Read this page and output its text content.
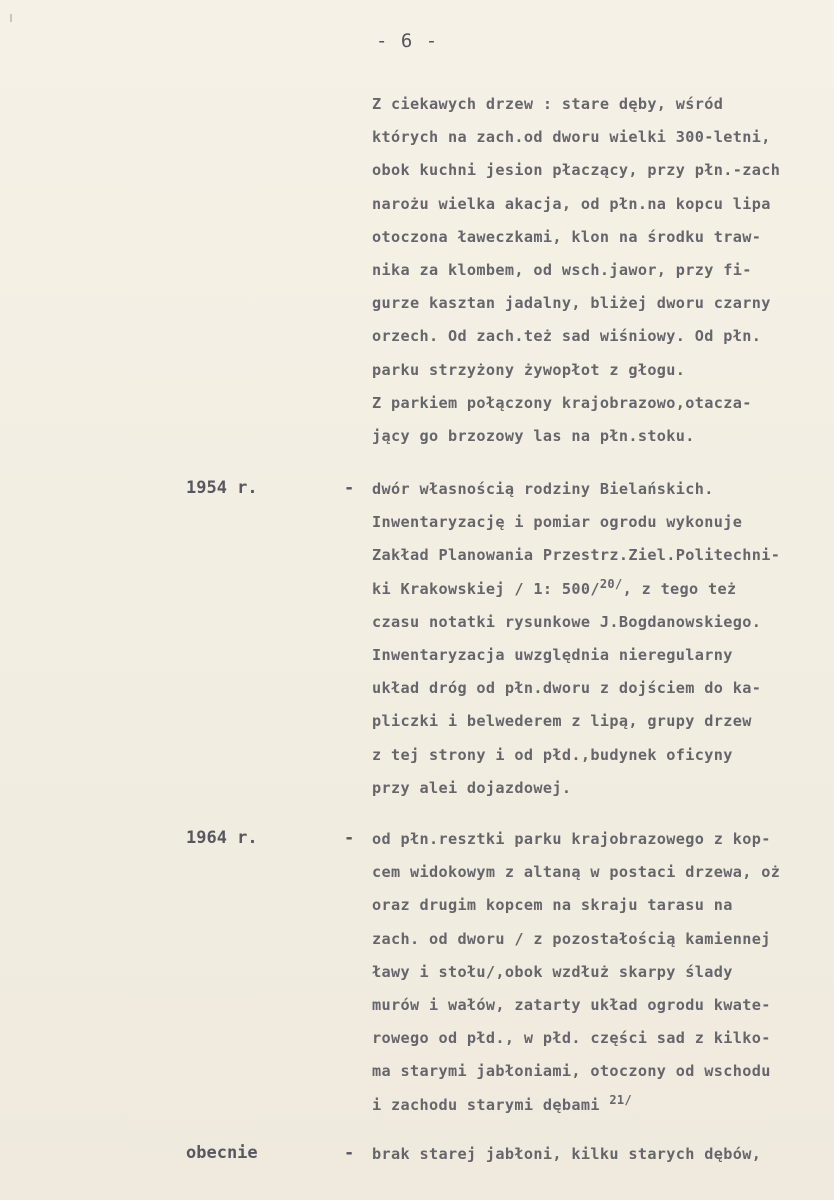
- 6 -
Z ciekawych drzew : stare dęby, wśród
których na zach.od dworu wielki 300-letni,
obok kuchni jesion płaczący, przy płn.-zach
narożu wielka akacja, od płn.na kopcu lipa
otoczona ławeczkami, klon na środku traw-
nika za klombem, od wsch.jawor, przy fi-
gurze kasztan jadalny, bliżej dworu czarny
orzech. Od zach.też sad wiśniowy. Od płn.
parku strzyżony żywopłot z głogu.
Z parkiem połączony krajobrazowo,otacza-
jący go brzozowy las na płn.stoku.
1954 r.	- dwór własnością rodziny Bielańskich.
Inwentaryzację i pomiar ogrodu wykonuje
Zakład Planowania Przestrz.Ziel.Politechni-
ki Krakowskiej / 1: 500/$^{20/}$, z tego też
czasu notatki rysunkowe J.Bogdanowskiego.
Inwentaryzacja uwzględnia nieregularny
układ dróg od płn.dworu z dojściem do ka-
pliczki i belwederem z lipą, grupy drzew
z tej strony i od płd.,budynek oficyny
przy alei dojazdowej.
1964 r.	- od płn.resztki parku krajobrazowego z kop-
cem widokowym z altaną w postaci drzewa, oż
oraz drugim kopcem na skraju tarasu na
zach. od dworu / z pozostałością kamiennej
ławy i stołu/,obok wzdłuż skarpy ślady
murów i wałów, zatarty układ ogrodu kwate-
rowego od płd., w płd. części sad z kilko-
ma starymi jabłoniami, otoczony od wschodu
i zachodu starymi dębami $^{21/}$
obecnie	- brak starej jabłoni, kilku starych dębów,
